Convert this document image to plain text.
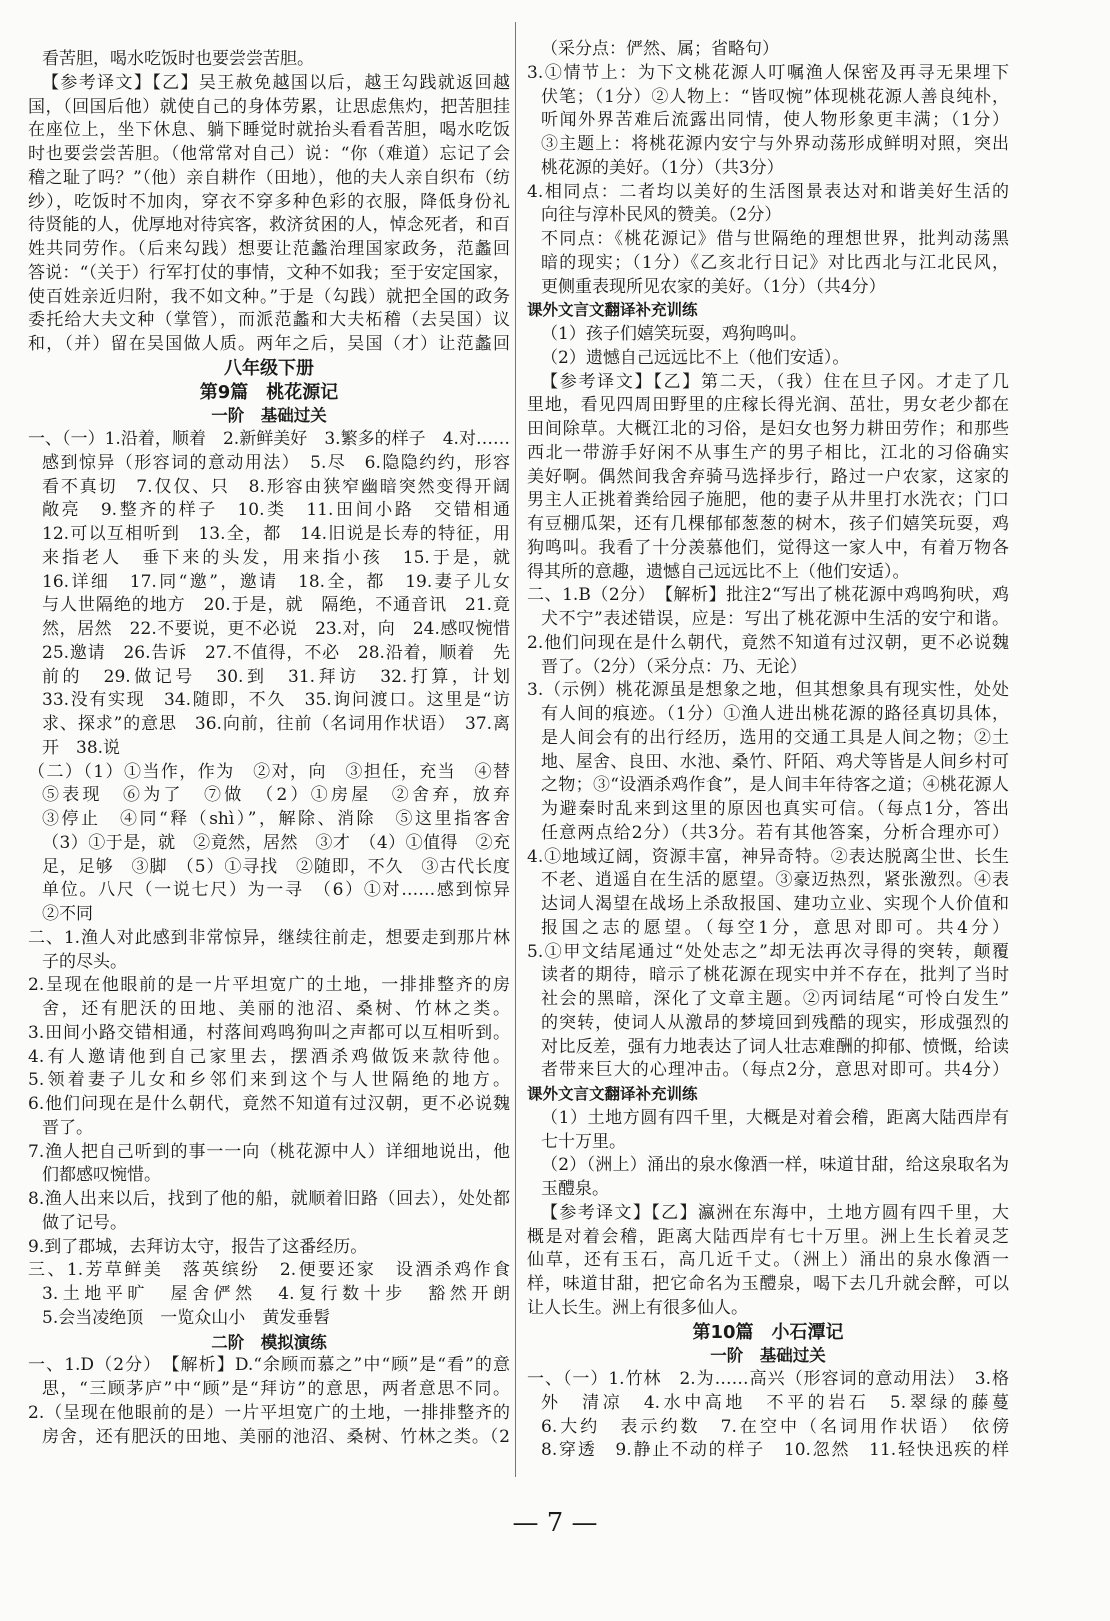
看苦胆，喝水吃饭时也要尝尝苦胆。
【参考译文】【乙】吴王赦免越国以后，越王勾践就返回越
国，（回国后他）就使自己的身体劳累，让思虑焦灼，把苦胆挂
在座位上，坐下休息、躺下睡觉时就抬头看看苦胆，喝水吃饭
时也要尝尝苦胆。（他常常对自己）说：“你（难道）忘记了会
稽之耻了吗？”（他）亲自耕作（田地），他的夫人亲自织布（纺
纱），吃饭时不加肉，穿衣不穿多种色彩的衣服，降低身份礼
待贤能的人，优厚地对待宾客，救济贫困的人，悼念死者，和百
姓共同劳作。（后来勾践）想要让范蠡治理国家政务，范蠡回
答说：“（关于）行军打仗的事情，文种不如我；至于安定国家，
使百姓亲近归附，我不如文种。”于是（勾践）就把全国的政务
委托给大夫文种（掌管），而派范蠡和大夫柘稽（去吴国）议
和，（并）留在吴国做人质。两年之后，吴国（才）让范蠡回
八年级下册
第9篇　桃花源记
一阶　基础过关
一、（一）1.沿着，顺着　2.新鲜美好　3.繁多的样子　4.对……
感到惊异（形容词的意动用法）　5.尽　6.隐隐约约，形容
看不真切　7.仅仅、只　8.形容由狭窄幽暗突然变得开阔
敞亮　9.整齐的样子　10.类　11.田间小路　交错相通
12.可以互相听到　13.全，都　14.旧说是长寿的特征，用
来指老人　垂下来的头发，用来指小孩　15.于是，就
16.详细　17.同“邀”，邀请　18.全，都　19.妻子儿女
与人世隔绝的地方　20.于是，就　隔绝，不通音讯　21.竟
然，居然　22.不要说，更不必说　23.对，向　24.感叹惋惜
25.邀请　26.告诉　27.不值得，不必　28.沿着，顺着　先
前的　29.做记号　30.到　31.拜访　32.打算，计划
33.没有实现　34.随即，不久　35.询问渡口。这里是“访
求、探求”的意思　36.向前，往前（名词用作状语）　37.离
开　38.说
（二）（1）①当作，作为　②对，向　③担任，充当　④替
⑤表现　⑥为了　⑦做　（2）①房屋　②舍弃，放弃
③停止　④同“释（shì）”，解除、消除　⑤这里指客舍
（3）①于是，就　②竟然，居然　③才　（4）①值得　②充
足，足够　③脚　（5）①寻找　②随即，不久　③古代长度
单位。八尺（一说七尺）为一寻　（6）①对……感到惊异
②不同
二、1.渔人对此感到非常惊异，继续往前走，想要走到那片林
子的尽头。
2.呈现在他眼前的是一片平坦宽广的土地，一排排整齐的房
舍，还有肥沃的田地、美丽的池沼、桑树、竹林之类。
3.田间小路交错相通，村落间鸡鸣狗叫之声都可以互相听到。
4.有人邀请他到自己家里去，摆酒杀鸡做饭来款待他。
5.领着妻子儿女和乡邻们来到这个与人世隔绝的地方。
6.他们问现在是什么朝代，竟然不知道有过汉朝，更不必说魏
晋了。
7.渔人把自己听到的事一一向（桃花源中人）详细地说出，他
们都感叹惋惜。
8.渔人出来以后，找到了他的船，就顺着旧路（回去），处处都
做了记号。
9.到了郡城，去拜访太守，报告了这番经历。
三、1.芳草鲜美　落英缤纷　2.便要还家　设酒杀鸡作食
3.土地平旷　屋舍俨然　4.复行数十步　豁然开朗
5.会当凌绝顶　一览众山小　黄发垂髫
二阶　模拟演练
一、1.D（2分）　【解析】D.“余顾而慕之”中“顾”是“看”的意
思，“三顾茅庐”中“顾”是“拜访”的意思，两者意思不同。
2.（呈现在他眼前的是）一片平坦宽广的土地，一排排整齐的
房舍，还有肥沃的田地、美丽的池沼、桑树、竹林之类。（2
（采分点：俨然、属；省略句）
3.①情节上：为下文桃花源人叮嘱渔人保密及再寻无果埋下
伏笔；（1分）②人物上：“皆叹惋”体现桃花源人善良纯朴，
听闻外界苦难后流露出同情，使人物形象更丰满；（1分）
③主题上：将桃花源内安宁与外界动荡形成鲜明对照，突出
桃花源的美好。（1分）（共3分）
4.相同点：二者均以美好的生活图景表达对和谐美好生活的
向往与淳朴民风的赞美。（2分）
不同点：《桃花源记》借与世隔绝的理想世界，批判动荡黑
暗的现实；（1分）《乙亥北行日记》对比西北与江北民风，
更侧重表现所见农家的美好。（1分）（共4分）
课外文言文翻译补充训练
（1）孩子们嬉笑玩耍，鸡狗鸣叫。
（2）遗憾自己远远比不上（他们安适）。
【参考译文】【乙】第二天，（我）住在旦子冈。才走了几
里地，看见四周田野里的庄稼长得光润、茁壮，男女老少都在
田间除草。大概江北的习俗，是妇女也努力耕田劳作；和那些
西北一带游手好闲不从事生产的男子相比，江北的习俗确实
美好啊。偶然间我舍弃骑马选择步行，路过一户农家，这家的
男主人正挑着粪给园子施肥，他的妻子从井里打水洗衣；门口
有豆棚瓜架，还有几棵郁郁葱葱的树木，孩子们嬉笑玩耍，鸡
狗鸣叫。我看了十分羡慕他们，觉得这一家人中，有着万物各
得其所的意趣，遗憾自己远远比不上（他们安适）。
二、1.B（2分）　【解析】批注2“写出了桃花源中鸡鸣狗吠，鸡
犬不宁”表述错误，应是：写出了桃花源中生活的安宁和谐。
2.他们问现在是什么朝代，竟然不知道有过汉朝，更不必说魏
晋了。（2分）（采分点：乃、无论）
3.（示例）桃花源虽是想象之地，但其想象具有现实性，处处
有人间的痕迹。（1分）①渔人进出桃花源的路径真切具体，
是人间会有的出行经历，选用的交通工具是人间之物；②土
地、屋舍、良田、水池、桑竹、阡陌、鸡犬等皆是人间乡村可
之物；③“设酒杀鸡作食”，是人间丰年待客之道；④桃花源人
为避秦时乱来到这里的原因也真实可信。（每点1分，答出
任意两点给2分）（共3分。若有其他答案，分析合理亦可）
4.①地域辽阔，资源丰富，神异奇特。②表达脱离尘世、长生
不老、逍遥自在生活的愿望。③豪迈热烈，紧张激烈。④表
达词人渴望在战场上杀敌报国、建功立业、实现个人价值和
报国之志的愿望。（每空1分，意思对即可。共4分）
5.①甲文结尾通过“处处志之”却无法再次寻得的突转，颠覆
读者的期待，暗示了桃花源在现实中并不存在，批判了当时
社会的黑暗，深化了文章主题。②丙词结尾“可怜白发生”
的突转，使词人从激昂的梦境回到残酷的现实，形成强烈的
对比反差，强有力地表达了词人壮志难酬的抑郁、愤慨，给读
者带来巨大的心理冲击。（每点2分，意思对即可。共4分）
课外文言文翻译补充训练
（1）土地方圆有四千里，大概是对着会稽，距离大陆西岸有
七十万里。
（2）（洲上）涌出的泉水像酒一样，味道甘甜，给这泉取名为
玉醴泉。
【参考译文】【乙】瀛洲在东海中，土地方圆有四千里，大
概是对着会稽，距离大陆西岸有七十万里。洲上生长着灵芝
仙草，还有玉石，高几近千丈。（洲上）涌出的泉水像酒一
样，味道甘甜，把它命名为玉醴泉，喝下去几升就会醉，可以
让人长生。洲上有很多仙人。
第10篇　小石潭记
一阶　基础过关
一、（一）1.竹林　2.为……高兴（形容词的意动用法）　3.格
外　清凉　4.水中高地　不平的岩石　5.翠绿的藤蔓
6.大约　表示约数　7.在空中（名词用作状语）　依傍
8.穿透　9.静止不动的样子　10.忽然　11.轻快迅疾的样
— 7 —
